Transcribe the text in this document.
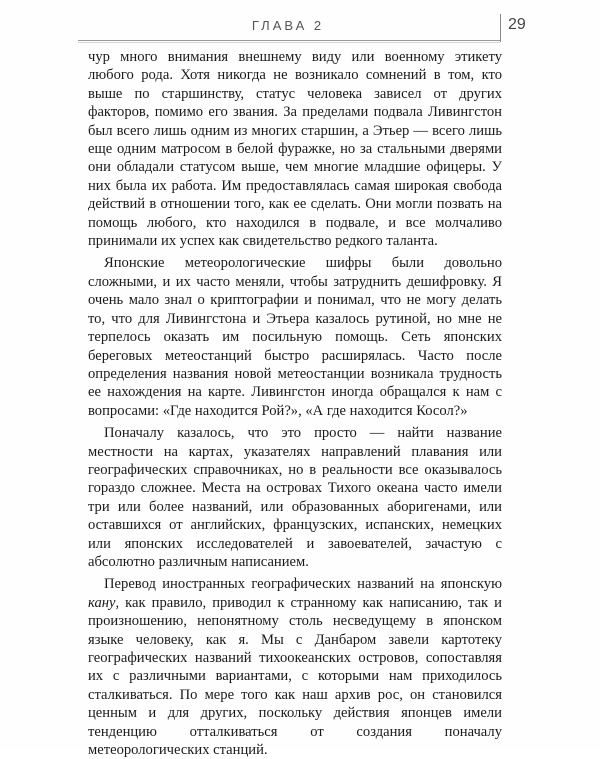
ГЛАВА 2	29

чур много внимания внешнему виду или военному этикету любого рода. Хотя никогда не возникало сомнений в том, кто выше по старшинству, статус человека зависел от других факторов, помимо его звания. За пределами подвала Ливингстон был всего лишь одним из многих старшин, а Этьер — всего лишь еще одним матросом в белой фуражке, но за стальными дверями они обладали статусом выше, чем многие младшие офицеры. У них была их работа. Им предоставлялась самая широкая свобода действий в отношении того, как ее сделать. Они могли позвать на помощь любого, кто находился в подвале, и все молчаливо принимали их успех как свидетельство редкого таланта.

Японские метеорологические шифры были довольно сложными, и их часто меняли, чтобы затруднить дешифровку. Я очень мало знал о криптографии и понимал, что не могу делать то, что для Ливингстона и Этьера казалось рутиной, но мне не терпелось оказать им посильную помощь. Сеть японских береговых метеостанций быстро расширялась. Часто после определения названия новой метеостанции возникала трудность ее нахождения на карте. Ливингстон иногда обращался к нам с вопросами: «Где находится Рой?», «А где находится Косол?»

Поначалу казалось, что это просто — найти название местности на картах, указателях направлений плавания или географических справочниках, но в реальности все оказывалось гораздо сложнее. Места на островах Тихого океана часто имели три или более названий, или образованных аборигенами, или оставшихся от английских, французских, испанских, немецких или японских исследователей и завоевателей, зачастую с абсолютно различным написанием.

Перевод иностранных географических названий на японскую кану, как правило, приводил к странному как написанию, так и произношению, непонятному столь несведущему в японском языке человеку, как я. Мы с Данбаром завели картотеку географических названий тихоокеанских островов, сопоставляя их с различными вариантами, с которыми нам приходилось сталкиваться. По мере того как наш архив рос, он становился ценным и для других, поскольку действия японцев имели тенденцию отталкиваться от создания поначалу метеорологических станций.
